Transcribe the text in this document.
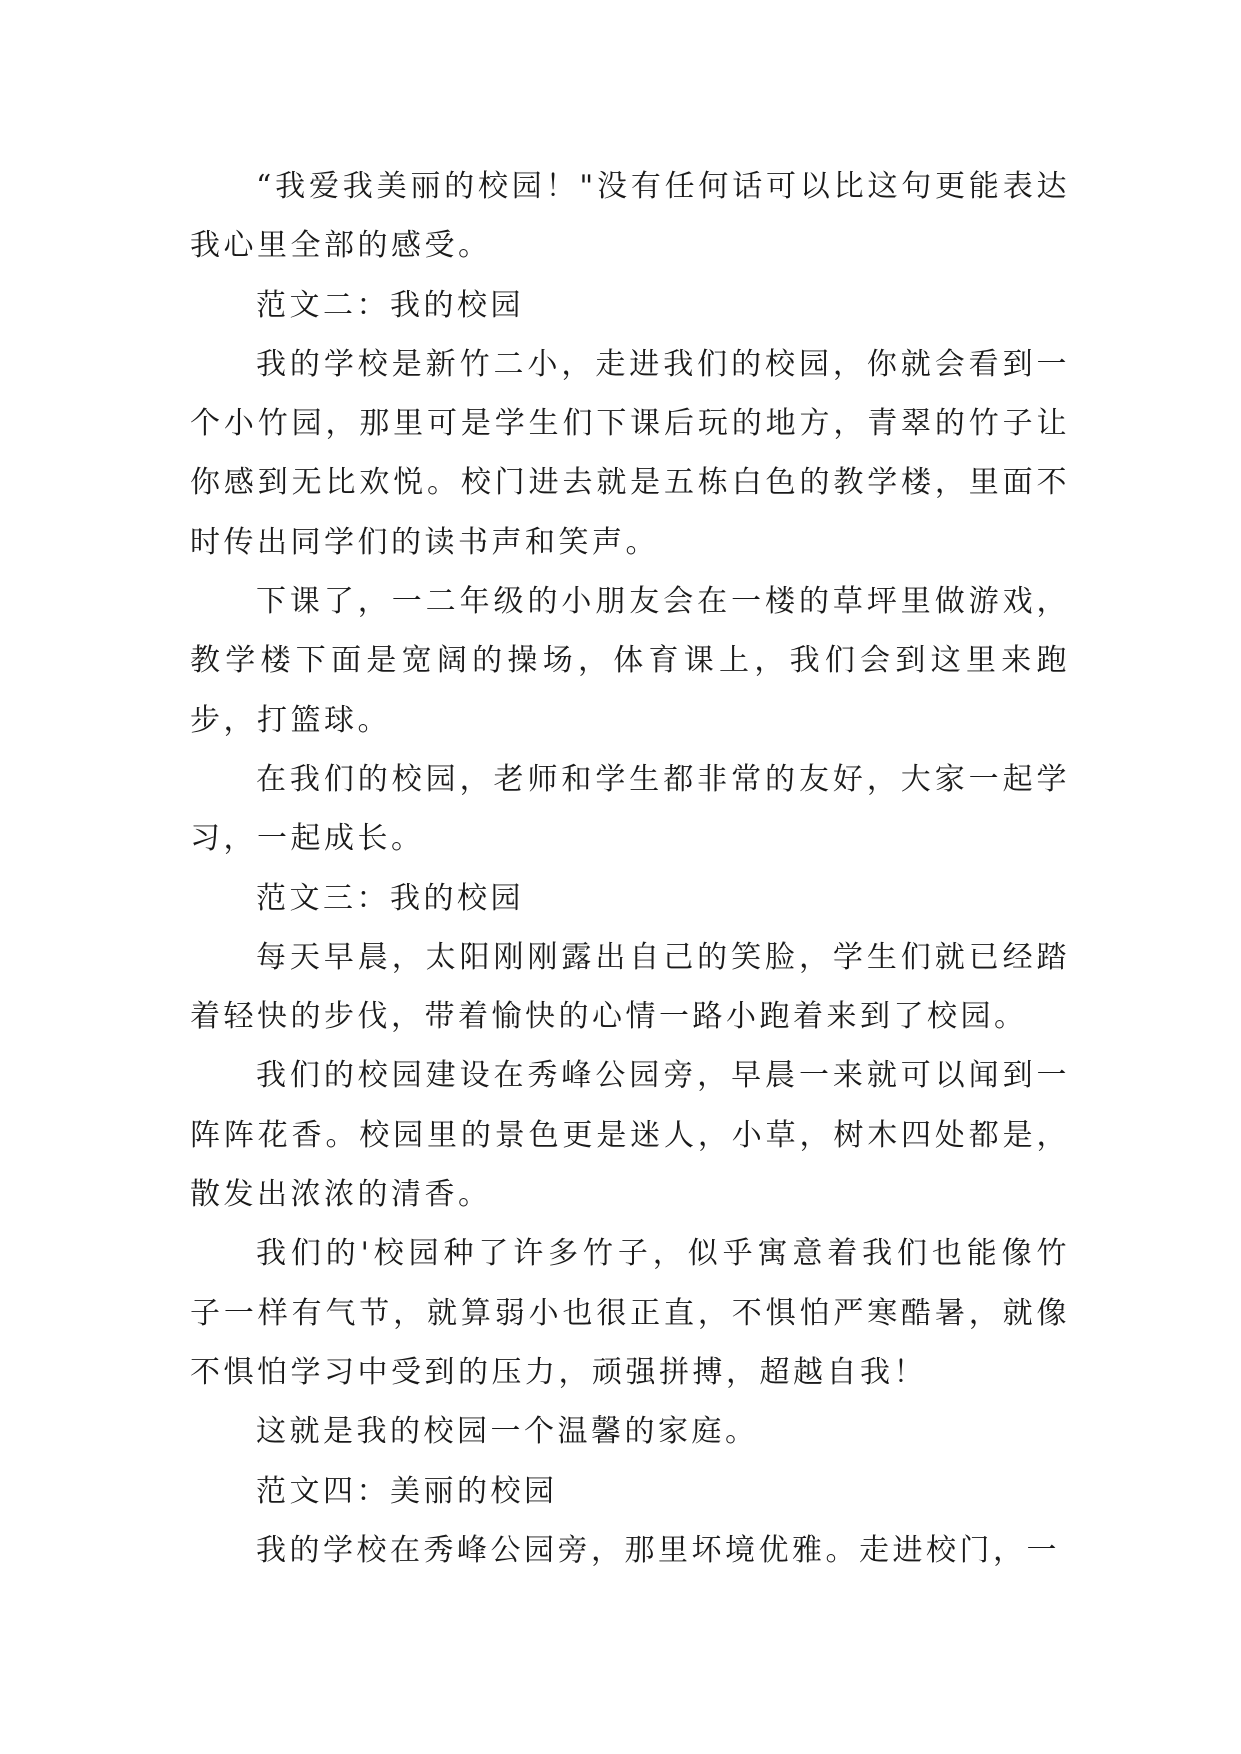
“我爱我美丽的校园！"没有任何话可以比这句更能表达我心里全部的感受。

范文二：我的校园

我的学校是新竹二小，走进我们的校园，你就会看到一个小竹园，那里可是学生们下课后玩的地方，青翠的竹子让你感到无比欢悦。校门进去就是五栋白色的教学楼，里面不时传出同学们的读书声和笑声。

下课了，一二年级的小朋友会在一楼的草坪里做游戏，教学楼下面是宽阔的操场，体育课上，我们会到这里来跑步，打篮球。

在我们的校园，老师和学生都非常的友好，大家一起学习，一起成长。

范文三：我的校园

每天早晨，太阳刚刚露出自己的笑脸，学生们就已经踏着轻快的步伐，带着愉快的心情一路小跑着来到了校园。

我们的校园建设在秀峰公园旁，早晨一来就可以闻到一阵阵花香。校园里的景色更是迷人，小草，树木四处都是，散发出浓浓的清香。

我们的'校园种了许多竹子，似乎寓意着我们也能像竹子一样有气节，就算弱小也很正直，不惧怕严寒酷暑，就像不惧怕学习中受到的压力，顽强拼搏，超越自我！

这就是我的校园一个温馨的家庭。

范文四：美丽的校园

我的学校在秀峰公园旁，那里坏境优雅。走进校门，一
